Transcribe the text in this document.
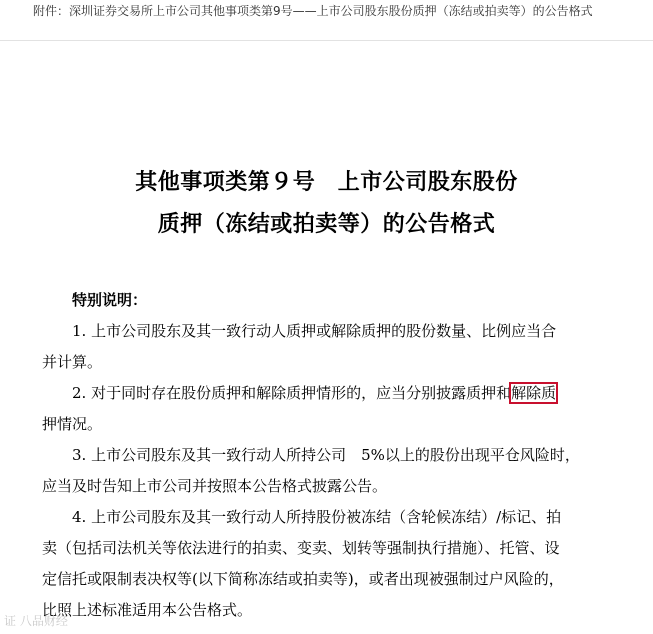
附件：深圳证券交易所上市公司其他事项类第9号——上市公司股东股份质押（冻结或拍卖等）的公告格式
其他事项类第９号　上市公司股东股份
质押（冻结或拍卖等）的公告格式
特别说明：
1. 上市公司股东及其一致行动人质押或解除质押的股份数量、比例应当合
并计算。
2. 对于同时存在股份质押和解除质押情形的，应当分别披露质押和解除质
押情况。
3. 上市公司股东及其一致行动人所持公司　5%以上的股份出现平仓风险时，
应当及时告知上市公司并按照本公告格式披露公告。
4. 上市公司股东及其一致行动人所持股份被冻结（含轮候冻结）/标记、拍
卖（包括司法机关等依法进行的拍卖、变卖、划转等强制执行措施）、托管、设
定信托或限制表决权等(以下简称冻结或拍卖等)，或者出现被强制过户风险的，
比照上述标准适用本公告格式。
证 八品财经
